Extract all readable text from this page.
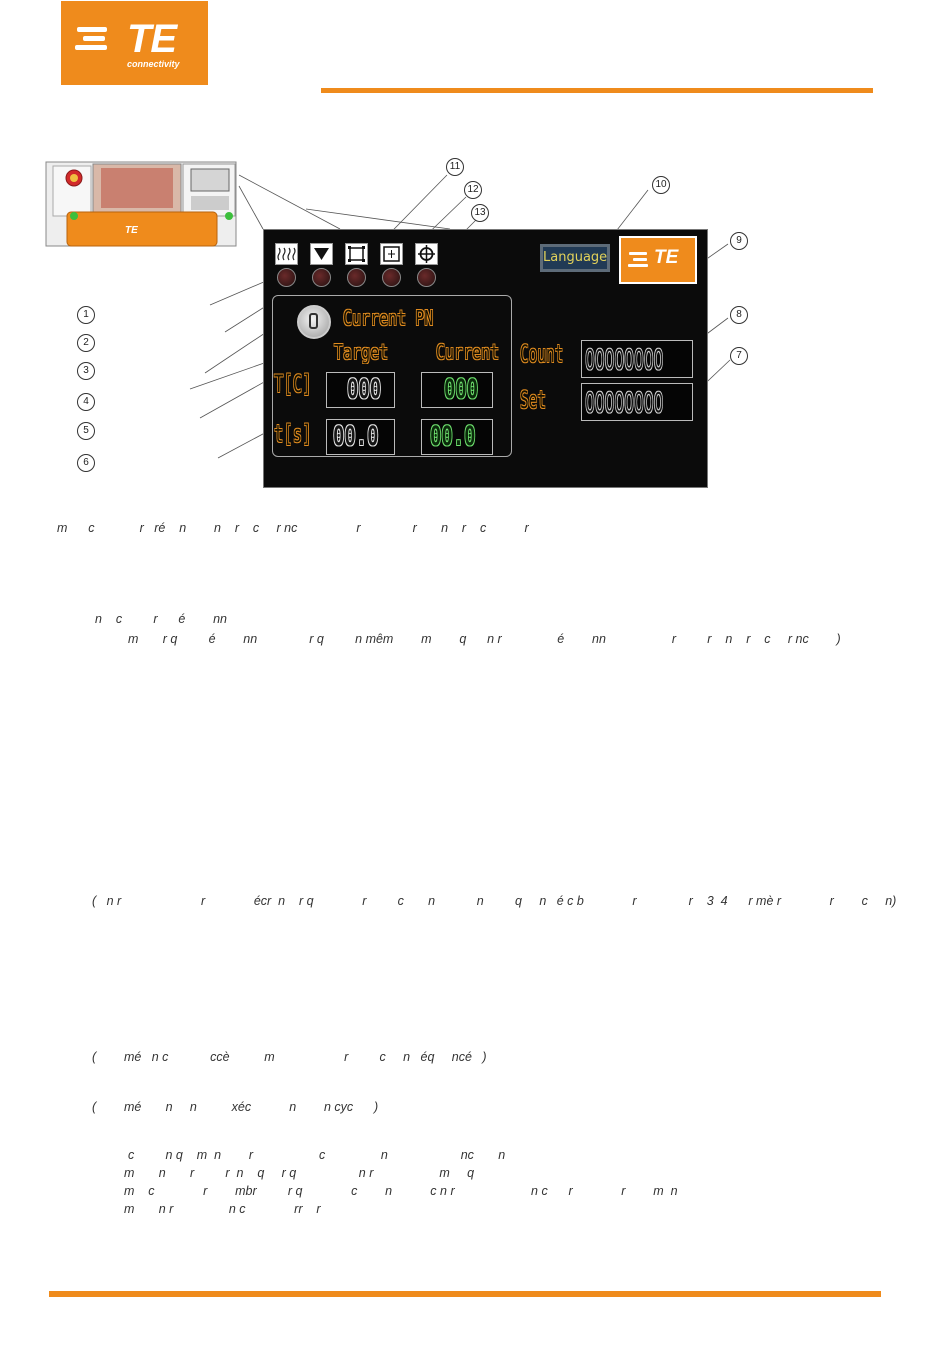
TE
connectivity
TE
Language TE
Current PN
Target Current
T[C]
t[s]
000 000
00.0 00.0
Count
Set
00000000
00000000
1
2
3
4
5
6
7
8
9
10
11
12
13
m      c             r   ré    n        n    r    c     r nc                 r               r       n    r    c           r
n    c         r      é        nn
m       r q         é        nn               r q         n mêm        m        q      n r                é        nn                   r         r    n    r    c     r nc        )
(   n r                       r              écr  n    r q              r         c       n            n         q     n   é c b              r               r    3  4      r mè r              r        c     n)
(        mé   n c            ccè          m                    r         c     n   éq     ncé   )
(        mé       n     n          xéc           n        n cyc      )
c         n q    m  n        r                   c                n                     nc       n
m       n       r         r  n    q     r q                  n r                   m     q
m    c              r        mbr         r q              c        n           c n r                      n c      r              r        m  n
m       n r                n c              rr    r
